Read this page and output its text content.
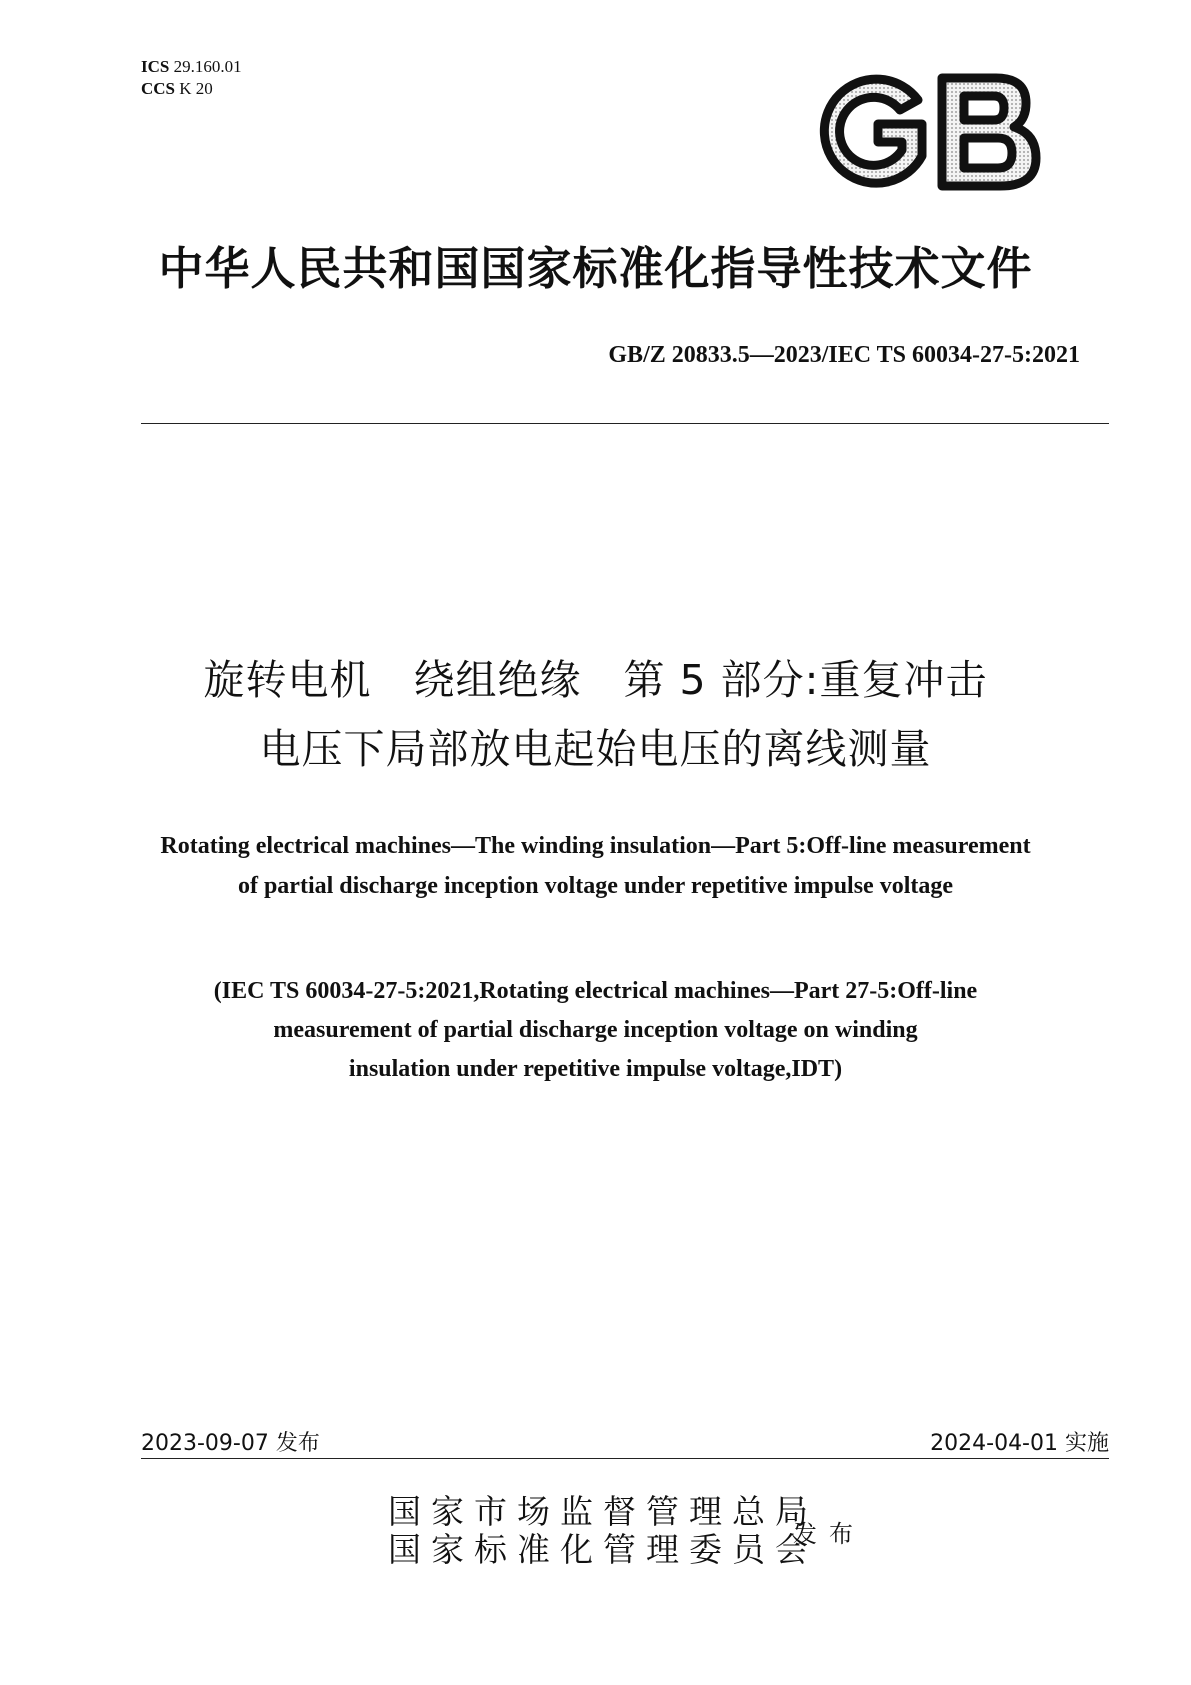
ICS 29.160.01
CCS K 20
GB
中华人民共和国国家标准化指导性技术文件
GB/Z 20833.5—2023/IEC TS 60034-27-5:2021
旋转电机　绕组绝缘　第 5 部分:重复冲击
电压下局部放电起始电压的离线测量
Rotating electrical machines—The winding insulation—Part 5:Off-line measurement
of partial discharge inception voltage under repetitive impulse voltage
(IEC TS 60034-27-5:2021,Rotating electrical machines—Part 27-5:Off-line
measurement of partial discharge inception voltage on winding
insulation under repetitive impulse voltage,IDT)
2023-09-07 发布	2024-04-01 实施
国家市场监督管理总局
国家标准化管理委员会
发布
